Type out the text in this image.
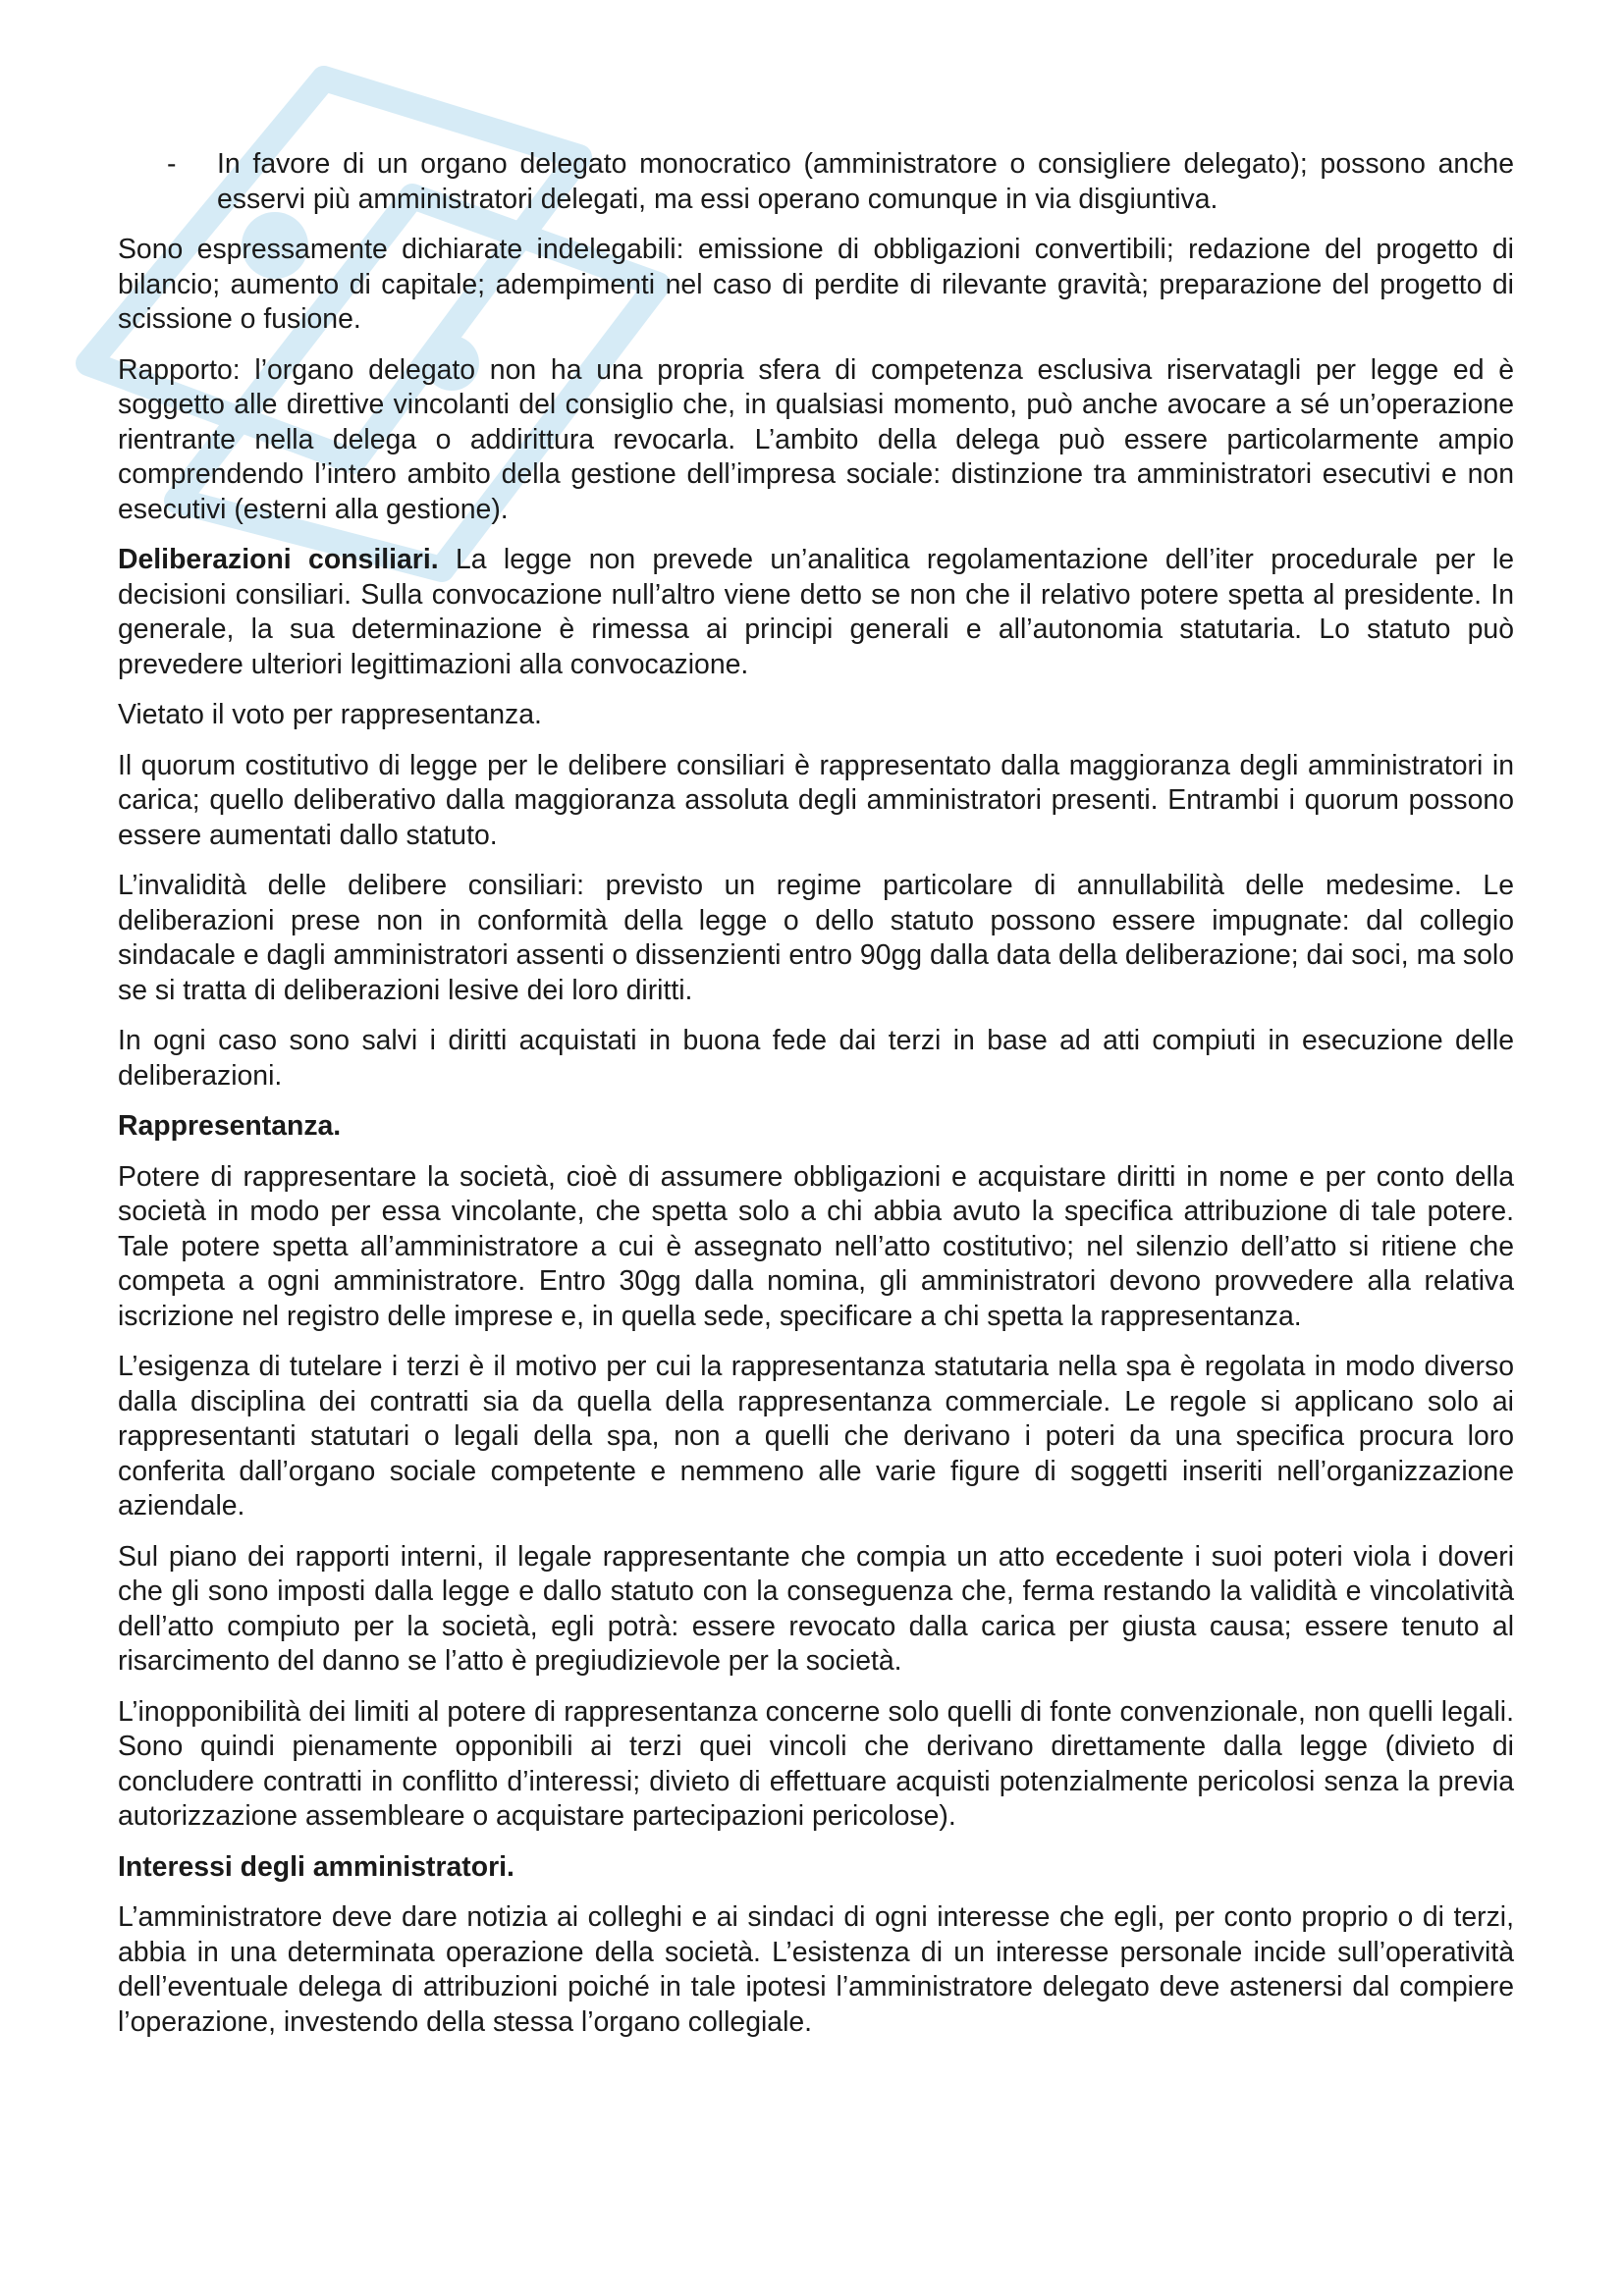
-	In favore di un organo delegato monocratico (amministratore o consigliere delegato); possono anche esservi più amministratori delegati, ma essi operano comunque in via disgiuntiva.

Sono espressamente dichiarate indelegabili: emissione di obbligazioni convertibili; redazione del progetto di bilancio; aumento di capitale; adempimenti nel caso di perdite di rilevante gravità; preparazione del progetto di scissione o fusione.

Rapporto: l’organo delegato non ha una propria sfera di competenza esclusiva riservatagli per legge ed è soggetto alle direttive vincolanti del consiglio che, in qualsiasi momento, può anche avocare a sé un’operazione rientrante nella delega o addirittura revocarla. L’ambito della delega può essere particolarmente ampio comprendendo l’intero ambito della gestione dell’impresa sociale: distinzione tra amministratori esecutivi e non esecutivi (esterni alla gestione).

Deliberazioni consiliari. La legge non prevede un’analitica regolamentazione dell’iter procedurale per le decisioni consiliari. Sulla convocazione null’altro viene detto se non che il relativo potere spetta al presidente. In generale, la sua determinazione è rimessa ai principi generali e all’autonomia statutaria. Lo statuto può prevedere ulteriori legittimazioni alla convocazione.

Vietato il voto per rappresentanza.

Il quorum costitutivo di legge per le delibere consiliari è rappresentato dalla maggioranza degli amministratori in carica; quello deliberativo dalla maggioranza assoluta degli amministratori presenti. Entrambi i quorum possono essere aumentati dallo statuto.

L’invalidità delle delibere consiliari: previsto un regime particolare di annullabilità delle medesime. Le deliberazioni prese non in conformità della legge o dello statuto possono essere impugnate: dal collegio sindacale e dagli amministratori assenti o dissenzienti entro 90gg dalla data della deliberazione; dai soci, ma solo se si tratta di deliberazioni lesive dei loro diritti.

In ogni caso sono salvi i diritti acquistati in buona fede dai terzi in base ad atti compiuti in esecuzione delle deliberazioni.

Rappresentanza.

Potere di rappresentare la società, cioè di assumere obbligazioni e acquistare diritti in nome e per conto della società in modo per essa vincolante, che spetta solo a chi abbia avuto la specifica attribuzione di tale potere. Tale potere spetta all’amministratore a cui è assegnato nell’atto costitutivo; nel silenzio dell’atto si ritiene che competa a ogni amministratore. Entro 30gg dalla nomina, gli amministratori devono provvedere alla relativa iscrizione nel registro delle imprese e, in quella sede, specificare a chi spetta la rappresentanza.

L’esigenza di tutelare i terzi è il motivo per cui la rappresentanza statutaria nella spa è regolata in modo diverso dalla disciplina dei contratti sia da quella della rappresentanza commerciale. Le regole si applicano solo ai rappresentanti statutari o legali della spa, non a quelli che derivano i poteri da una specifica procura loro conferita dall’organo sociale competente e nemmeno alle varie figure di soggetti inseriti nell’organizzazione aziendale.

Sul piano dei rapporti interni, il legale rappresentante che compia un atto eccedente i suoi poteri viola i doveri che gli sono imposti dalla legge e dallo statuto con la conseguenza che, ferma restando la validità e vincolatività dell’atto compiuto per la società, egli potrà: essere revocato dalla carica per giusta causa; essere tenuto al risarcimento del danno se l’atto è pregiudizievole per la società.

L’inopponibilità dei limiti al potere di rappresentanza concerne solo quelli di fonte convenzionale, non quelli legali. Sono quindi pienamente opponibili ai terzi quei vincoli che derivano direttamente dalla legge (divieto di concludere contratti in conflitto d’interessi; divieto di effettuare acquisti potenzialmente pericolosi senza la previa autorizzazione assembleare o acquistare partecipazioni pericolose).

Interessi degli amministratori.

L’amministratore deve dare notizia ai colleghi e ai sindaci di ogni interesse che egli, per conto proprio o di terzi, abbia in una determinata operazione della società. L’esistenza di un interesse personale incide sull’operatività dell’eventuale delega di attribuzioni poiché in tale ipotesi l’amministratore delegato deve astenersi dal compiere l’operazione, investendo della stessa l’organo collegiale.
